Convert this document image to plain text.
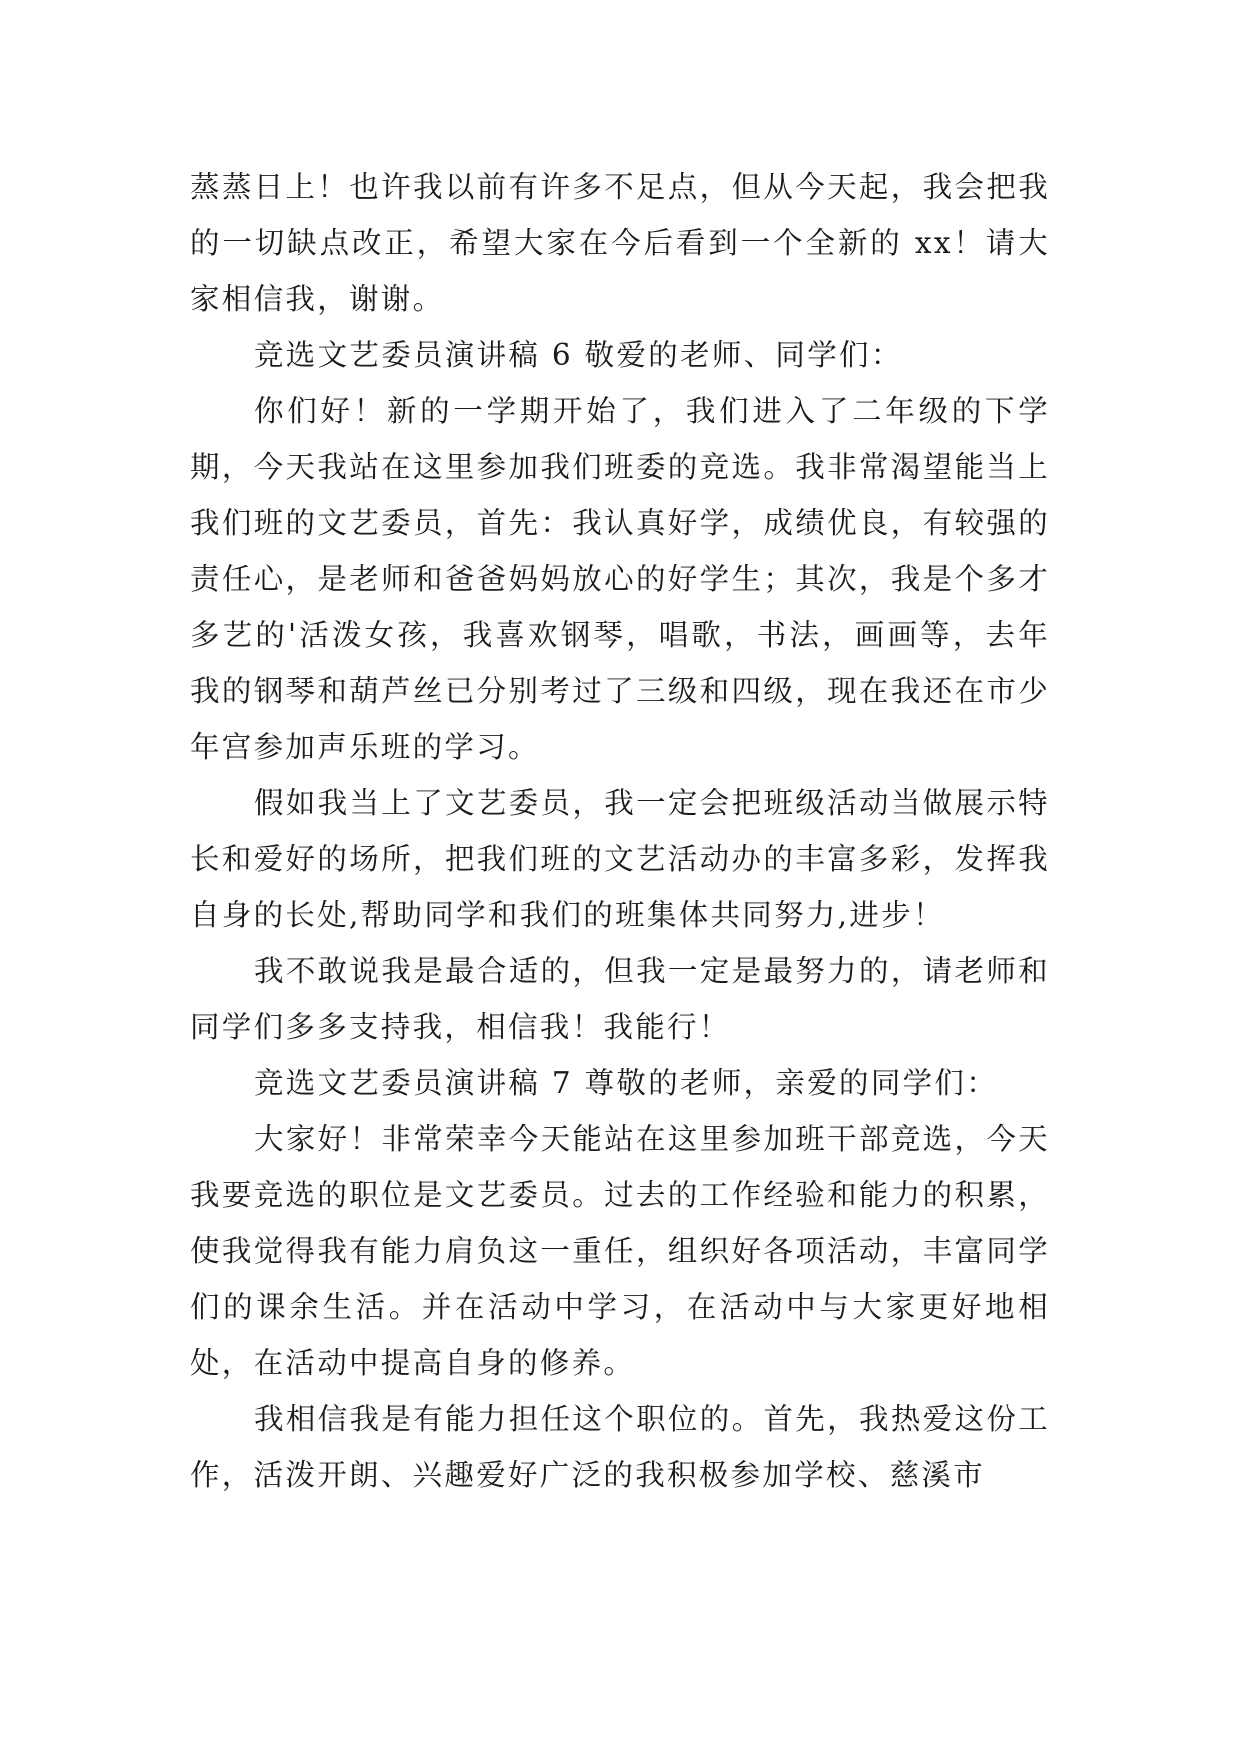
蒸蒸日上！也许我以前有许多不足点，但从今天起，我会把我的一切缺点改正，希望大家在今后看到一个全新的 xx！请大家相信我，谢谢。

竞选文艺委员演讲稿 6 敬爱的老师、同学们：

你们好！新的一学期开始了，我们进入了二年级的下学期，今天我站在这里参加我们班委的竞选。我非常渴望能当上我们班的文艺委员，首先：我认真好学，成绩优良，有较强的责任心，是老师和爸爸妈妈放心的好学生；其次，我是个多才多艺的'活泼女孩，我喜欢钢琴，唱歌，书法，画画等，去年我的钢琴和葫芦丝已分别考过了三级和四级，现在我还在市少年宫参加声乐班的学习。

假如我当上了文艺委员，我一定会把班级活动当做展示特长和爱好的场所，把我们班的文艺活动办的丰富多彩，发挥我自身的长处,帮助同学和我们的班集体共同努力,进步！

我不敢说我是最合适的，但我一定是最努力的，请老师和同学们多多支持我，相信我！我能行！

竞选文艺委员演讲稿 7 尊敬的老师，亲爱的同学们：

大家好！非常荣幸今天能站在这里参加班干部竞选，今天我要竞选的职位是文艺委员。过去的工作经验和能力的积累，使我觉得我有能力肩负这一重任，组织好各项活动，丰富同学们的课余生活。并在活动中学习，在活动中与大家更好地相处，在活动中提高自身的修养。

我相信我是有能力担任这个职位的。首先，我热爱这份工作，活泼开朗、兴趣爱好广泛的我积极参加学校、慈溪市
